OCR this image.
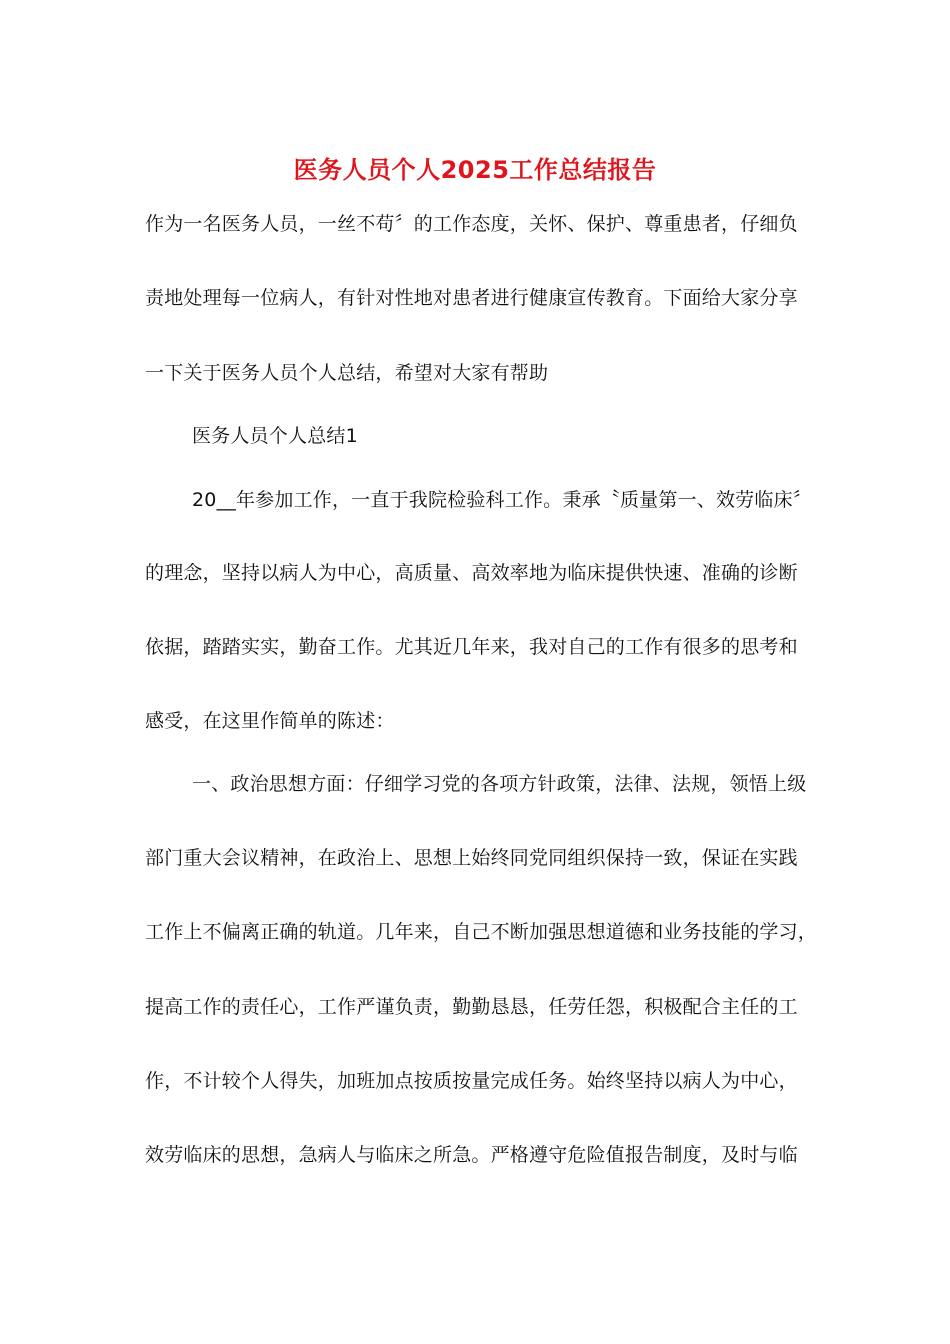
医务人员个人2025工作总结报告
作为一名医务人员，一丝不苟〞的工作态度，关怀、保护、尊重患者，仔细负
责地处理每一位病人，有针对性地对患者进行健康宣传教育。下面给大家分享
一下关于医务人员个人总结，希望对大家有帮助
医务人员个人总结1
20__年参加工作，一直于我院检验科工作。秉承〝质量第一、效劳临床〞
的理念，坚持以病人为中心，高质量、高效率地为临床提供快速、准确的诊断
依据，踏踏实实，勤奋工作。尤其近几年来，我对自己的工作有很多的思考和
感受，在这里作简单的陈述：
一、政治思想方面：仔细学习党的各项方针政策，法律、法规，领悟上级
部门重大会议精神，在政治上、思想上始终同党同组织保持一致，保证在实践
工作上不偏离正确的轨道。几年来，自己不断加强思想道德和业务技能的学习，
提高工作的责任心，工作严谨负责，勤勤恳恳，任劳任怨，积极配合主任的工
作，不计较个人得失，加班加点按质按量完成任务。始终坚持以病人为中心，
效劳临床的思想，急病人与临床之所急。严格遵守危险值报告制度，及时与临
